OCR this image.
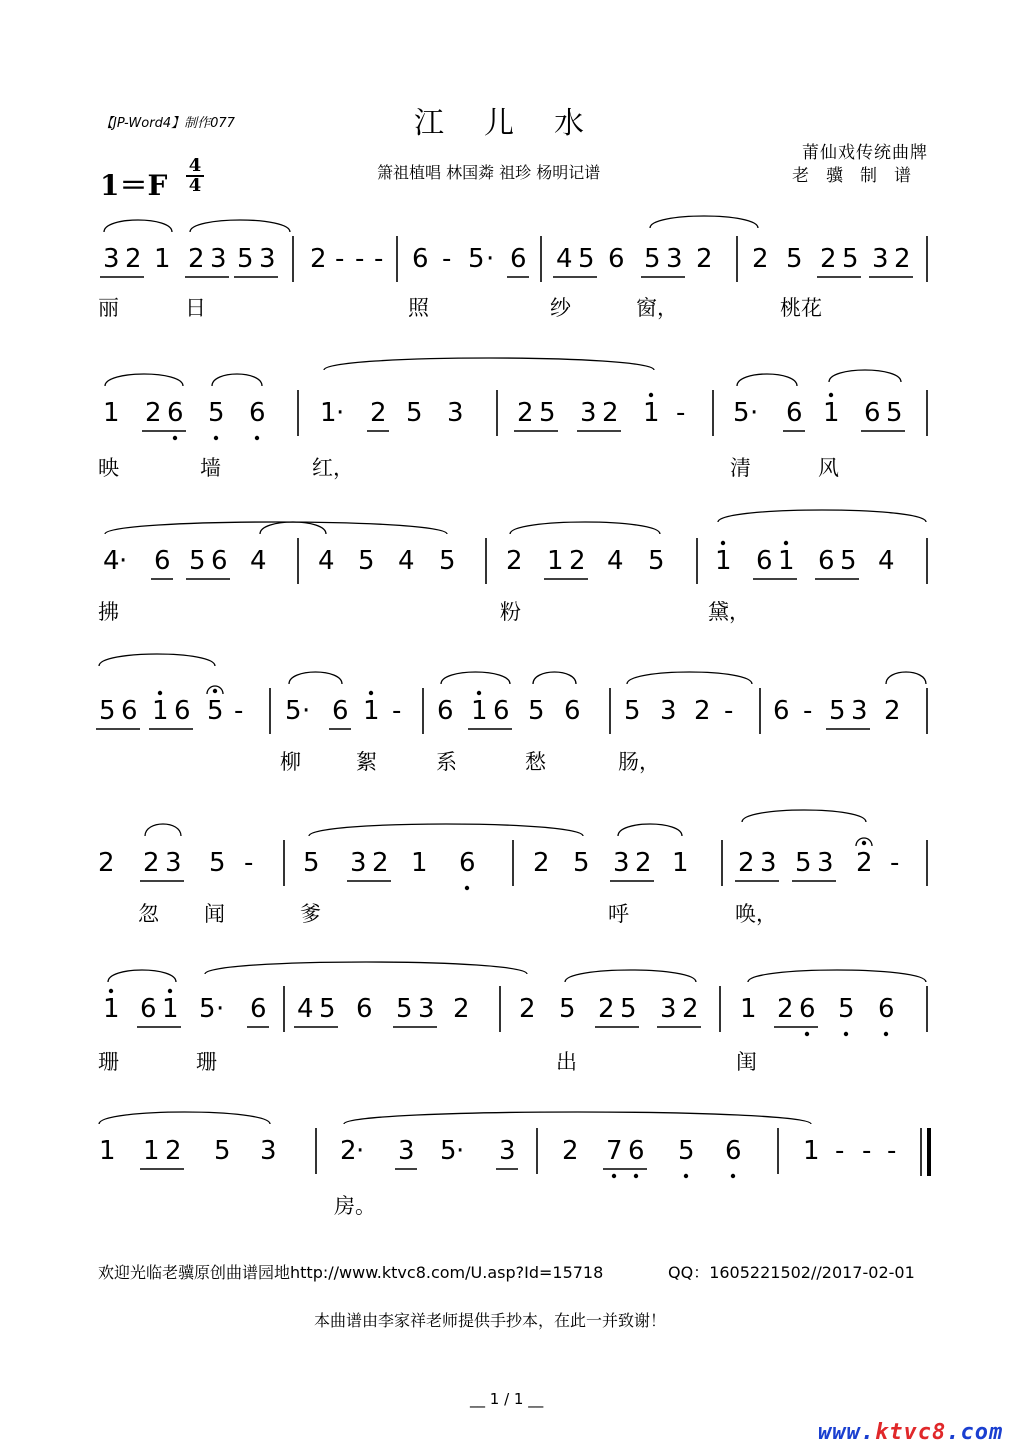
【JP-Word4】制作077	江儿水
莆仙戏传统曲牌
老骥制谱
箫祖植唱 林国粦 祖珍 杨明记谱
$1=F \frac{4}{4}$
3 2 1 2 3 5 3 2 - - - 6 - 5 · 6 4 5 6 5 3 2 2 5 2 5 3 2
1 2 6 5 6 1 · 2 5 3 2 5 3 2 1 - 5 · 6 1 6 5
4 · 6 5 6 4 4 5 4 5 2 1 2 4 5 1 6 1 6 5 4
5 6 1 6 5 - 5 · 6 1 - 6 1 6 5 6 5 3 2 - 6 - 5 3 2
2 2 3 5 - 5 3 2 1 6 2 5 3 2 1 2 3 5 3 2 -
1 6 1 5 · 6 4 5 6 5 3 2 2 5 2 5 3 2 1 2 6 5 6
1 1 2 5 3 2 · 3 5 · 3 2 7 6 5 6 1 - - -
丽	日	照	纱	窗，	桃花
映	墙	红，	清	风
拂	粉	黛，
柳	絮	系	愁	肠，
忽 闻	爹	呼	唤，
珊	珊	出	闺
房。
欢迎光临老骥原创曲谱园地http://www.ktvc8.com/U.asp?Id=15718	QQ：1605221502//2017-02-01
本曲谱由李家祥老师提供手抄本，在此一并致谢！
__ 1 / 1 __
www.ktvc8.com
